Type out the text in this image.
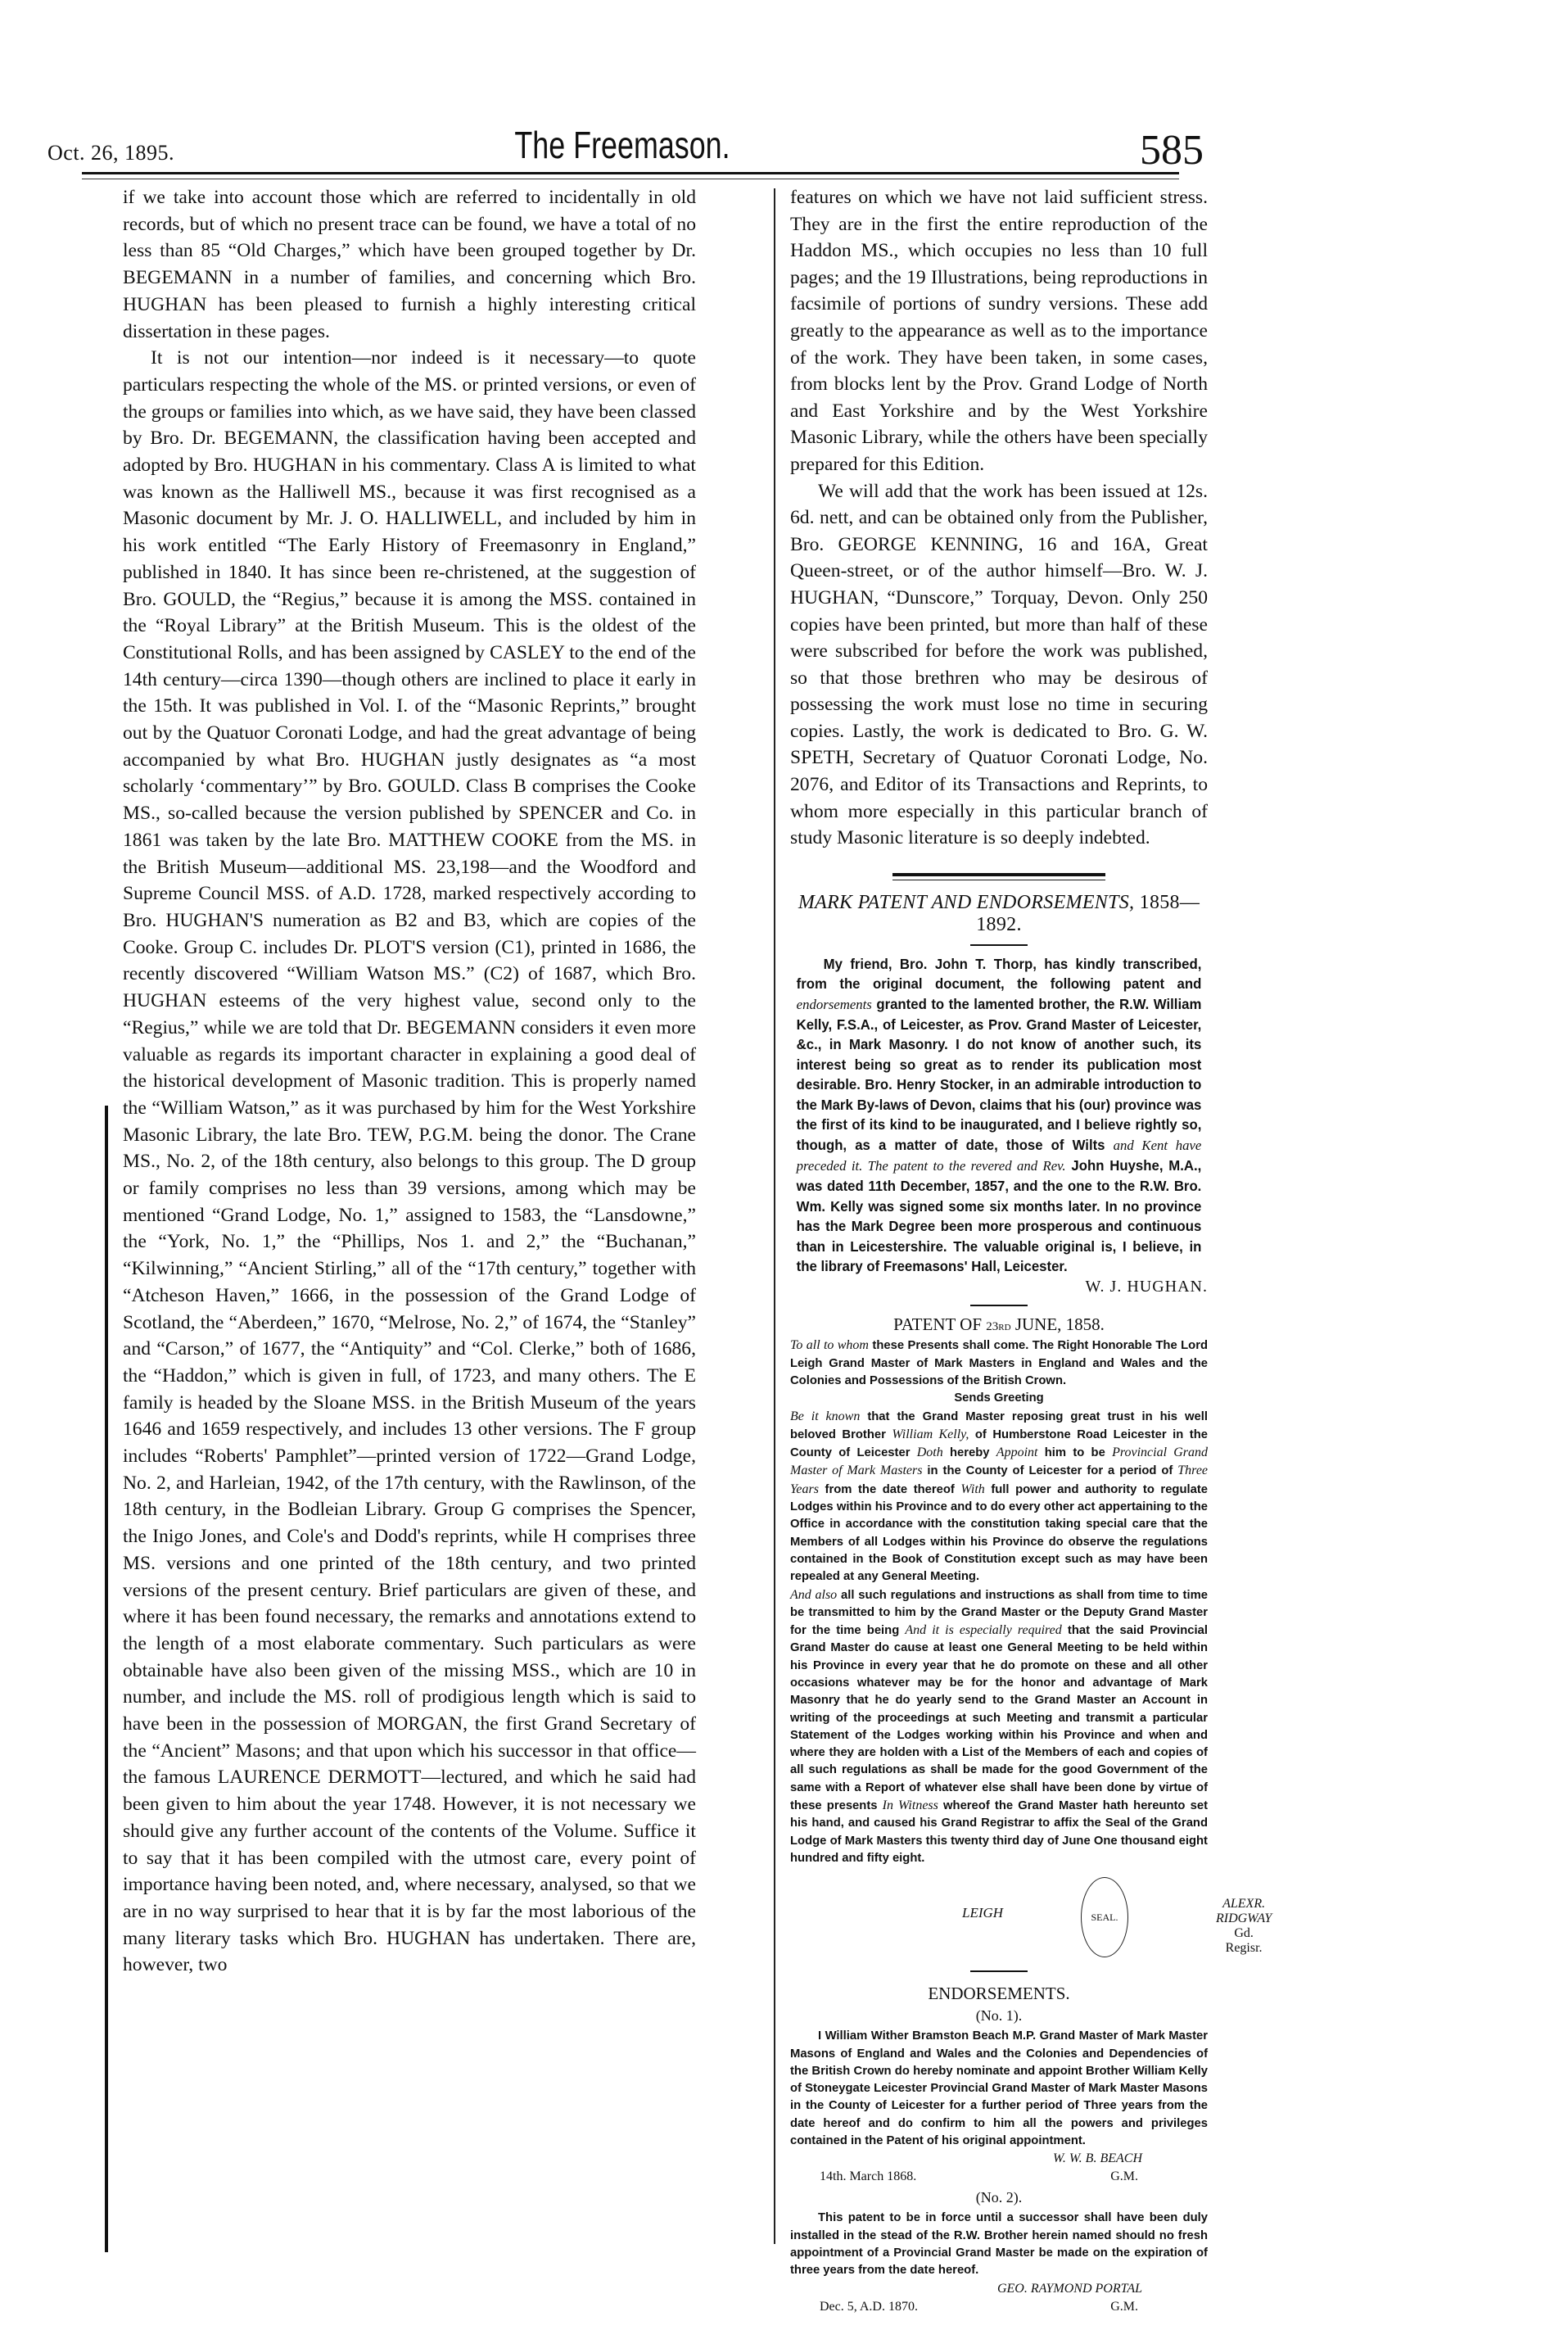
Oct. 26, 1895.	The Freemason.	585

if we take into account those which are referred to incidentally in old records, but of which no present trace can be found, we have a total of no less than 85 “Old Charges,” which have been grouped together by Dr. BEGEMANN in a number of families, and concerning which Bro. HUGHAN has been pleased to furnish a highly interesting critical dissertation in these pages.

It is not our intention—nor indeed is it necessary—to quote particulars respecting the whole of the MS. or printed versions, or even of the groups or families into which, as we have said, they have been classed by Bro. Dr. BEGEMANN, the classification having been accepted and adopted by Bro. HUGHAN in his commentary. Class A is limited to what was known as the Halliwell MS., because it was first recognised as a Masonic document by Mr. J. O. HALLIWELL, and included by him in his work entitled “The Early History of Freemasonry in England,” published in 1840. It has since been re-christened, at the suggestion of Bro. GOULD, the “Regius,” because it is among the MSS. contained in the “Royal Library” at the British Museum. This is the oldest of the Constitutional Rolls, and has been assigned by CASLEY to the end of the 14th century—circa 1390—though others are inclined to place it early in the 15th. It was published in Vol. I. of the “Masonic Reprints,” brought out by the Quatuor Coronati Lodge, and had the great advantage of being accompanied by what Bro. HUGHAN justly designates as “a most scholarly ‘commentary’” by Bro. GOULD. Class B comprises the Cooke MS., so-called because the version published by SPENCER and Co. in 1861 was taken by the late Bro. MATTHEW COOKE from the MS. in the British Museum—additional MS. 23,198—and the Woodford and Supreme Council MSS. of A.D. 1728, marked respectively according to Bro. HUGHAN'S numeration as B2 and B3, which are copies of the Cooke. Group C. includes Dr. PLOT'S version (C1), printed in 1686, the recently discovered “William Watson MS.” (C2) of 1687, which Bro. HUGHAN esteems of the very highest value, second only to the “Regius,” while we are told that Dr. BEGEMANN considers it even more valuable as regards its important character in explaining a good deal of the historical development of Masonic tradition. This is properly named the “William Watson,” as it was purchased by him for the West Yorkshire Masonic Library, the late Bro. TEW, P.G.M. being the donor. The Crane MS., No. 2, of the 18th century, also belongs to this group. The D group or family comprises no less than 39 versions, among which may be mentioned “Grand Lodge, No. 1,” assigned to 1583, the “Lansdowne,” the “York, No. 1,” the “Phillips, Nos 1. and 2,” the “Buchanan,” “Kilwinning,” “Ancient Stirling,” all of the “17th century,” together with “Atcheson Haven,” 1666, in the possession of the Grand Lodge of Scotland, the “Aberdeen,” 1670, “Melrose, No. 2,” of 1674, the “Stanley” and “Carson,” of 1677, the “Antiquity” and “Col. Clerke,” both of 1686, the “Haddon,” which is given in full, of 1723, and many others. The E family is headed by the Sloane MSS. in the British Museum of the years 1646 and 1659 respectively, and includes 13 other versions. The F group includes “Roberts' Pamphlet”—printed version of 1722—Grand Lodge, No. 2, and Harleian, 1942, of the 17th century, with the Rawlinson, of the 18th century, in the Bodleian Library. Group G comprises the Spencer, the Inigo Jones, and Cole's and Dodd's reprints, while H comprises three MS. versions and one printed of the 18th century, and two printed versions of the present century. Brief particulars are given of these, and where it has been found necessary, the remarks and annotations extend to the length of a most elaborate commentary. Such particulars as were obtainable have also been given of the missing MSS., which are 10 in number, and include the MS. roll of prodigious length which is said to have been in the possession of MORGAN, the first Grand Secretary of the “Ancient” Masons; and that upon which his successor in that office—the famous LAURENCE DERMOTT—lectured, and which he said had been given to him about the year 1748. However, it is not necessary we should give any further account of the contents of the Volume. Suffice it to say that it has been compiled with the utmost care, every point of importance having been noted, and, where necessary, analysed, so that we are in no way surprised to hear that it is by far the most laborious of the many literary tasks which Bro. HUGHAN has undertaken. There are, however, two

features on which we have not laid sufficient stress. They are in the first the entire reproduction of the Haddon MS., which occupies no less than 10 full pages; and the 19 Illustrations, being reproductions in facsimile of portions of sundry versions. These add greatly to the appearance as well as to the importance of the work. They have been taken, in some cases, from blocks lent by the Prov. Grand Lodge of North and East Yorkshire and by the West Yorkshire Masonic Library, while the others have been specially prepared for this Edition.

We will add that the work has been issued at 12s. 6d. nett, and can be obtained only from the Publisher, Bro. GEORGE KENNING, 16 and 16A, Great Queen-street, or of the author himself—Bro. W. J. HUGHAN, “Dunscore,” Torquay, Devon. Only 250 copies have been printed, but more than half of these were subscribed for before the work was published, so that those brethren who may be desirous of possessing the work must lose no time in securing copies. Lastly, the work is dedicated to Bro. G. W. SPETH, Secretary of Quatuor Coronati Lodge, No. 2076, and Editor of its Transactions and Reprints, to whom more especially in this particular branch of study Masonic literature is so deeply indebted.

MARK PATENT AND ENDORSEMENTS, 1858—1892.

My friend, Bro. John T. Thorp, has kindly transcribed, from the original document, the following patent and endorsements granted to the lamented brother, the R.W. William Kelly, F.S.A., of Leicester, as Prov. Grand Master of Leicester, &c., in Mark Masonry. I do not know of another such, its interest being so great as to render its publication most desirable. Bro. Henry Stocker, in an admirable introduction to the Mark By-laws of Devon, claims that his (our) province was the first of its kind to be inaugurated, and I believe rightly so, though, as a matter of date, those of Wilts and Kent have preceded it. The patent to the revered and Rev. John Huyshe, M.A., was dated 11th December, 1857, and the one to the R.W. Bro. Wm. Kelly was signed some six months later. In no province has the Mark Degree been more prosperous and continuous than in Leicestershire. The valuable original is, I believe, in the library of Freemasons' Hall, Leicester.

W. J. HUGHAN.
PATENT OF 23rd JUNE, 1858.

To all to whom these Presents shall come. The Right Honorable The Lord Leigh Grand Master of Mark Masters in England and Wales and the Colonies and Possessions of the British Crown.

Sends Greeting

Be it known that the Grand Master reposing great trust in his well beloved Brother William Kelly, of Humberstone Road Leicester in the County of Leicester Doth hereby Appoint him to be Provincial Grand Master of Mark Masters in the County of Leicester for a period of Three Years from the date thereof With full power and authority to regulate Lodges within his Province and to do every other act appertaining to the Office in accordance with the constitution taking special care that the Members of all Lodges within his Province do observe the regulations contained in the Book of Constitution except such as may have been repealed at any General Meeting.

And also all such regulations and instructions as shall from time to time be transmitted to him by the Grand Master or the Deputy Grand Master for the time being And it is especially required that the said Provincial Grand Master do cause at least one General Meeting to be held within his Province in every year that he do promote on these and all other occasions whatever may be for the honor and advantage of Mark Masonry that he do yearly send to the Grand Master an Account in writing of the proceedings at such Meeting and transmit a particular Statement of the Lodges working within his Province and when and where they are holden with a List of the Members of each and copies of all such regulations as shall be made for the good Government of the same with a Report of whatever else shall have been done by virtue of these presents In Witness whereof the Grand Master hath hereunto set his hand, and caused his Grand Registrar to affix the Seal of the Grand Lodge of Mark Masters this twenty third day of June One thousand eight hundred and fifty eight.

LEIGH	SEAL.
ALEXR. RIDGWAY
Gd. Regisr.
ENDORSEMENTS.
(No. 1).

I William Wither Bramston Beach M.P. Grand Master of Mark Master Masons of England and Wales and the Colonies and Dependencies of the British Crown do hereby nominate and appoint Brother William Kelly of Stoneygate Leicester Provincial Grand Master of Mark Master Masons in the County of Leicester for a further period of Three years from the date hereof and do confirm to him all the powers and privileges contained in the Patent of his original appointment.

W. W. B. BEACH
14th. March 1868.	G.M.
(No. 2).

This patent to be in force until a successor shall have been duly installed in the stead of the R.W. Brother herein named should no fresh appointment of a Provincial Grand Master be made on the expiration of three years from the date hereof.

GEO. RAYMOND PORTAL
Dec. 5, A.D. 1870.	G.M.
